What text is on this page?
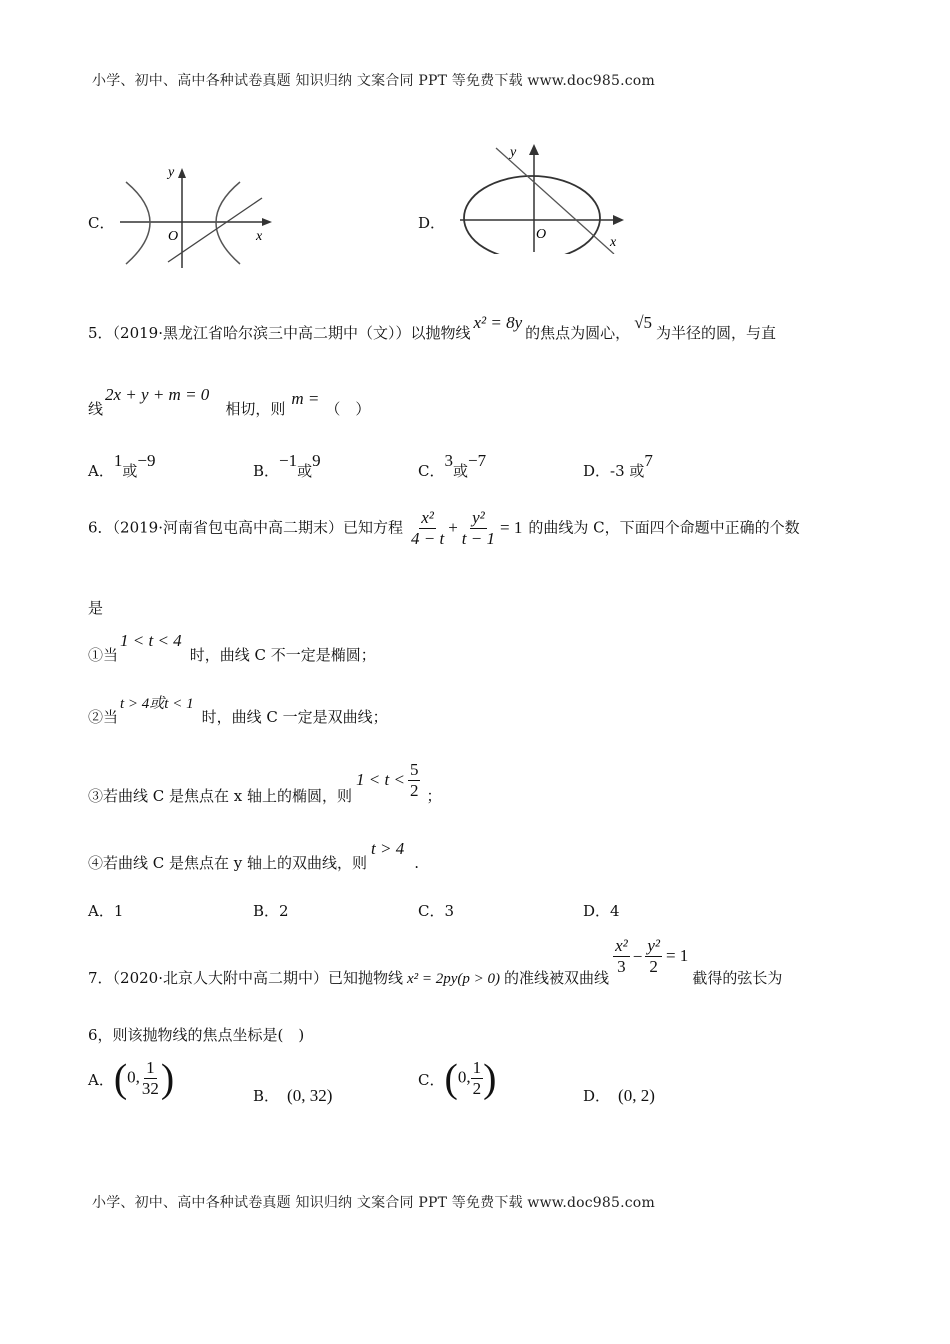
小学、初中、高中各种试卷真题 知识归纳 文案合同 PPT 等免费下载 www.doc985.com
C．
y
O	x
D．
y
O
x
5．（2019·黑龙江省哈尔滨三中高二期中（文））以抛物线x² = 8y的焦点为圆心，√5为半径的圆，与直
线2x + y + m = 0相切，则m =（　）
A．1或−9
B．−1或9
C．3或−7
D．-3 或7
6．（2019·河南省包屯高中高二期末）已知方程 $\frac{\text{x²}}{4 - t} + \frac{\text{y²}}{t - 1} = 1$ 的曲线为 C，下面四个命题中正确的个数
是
①当1 < t < 4时，曲线 C 不一定是椭圆；
②当t > 4或t < 1时，曲线 C 一定是双曲线；
③若曲线 C 是焦点在 x 轴上的椭圆，则$1 < t < \frac{5}{2}$ ；
④若曲线 C 是焦点在 y 轴上的双曲线，则t > 4.
A．1	B．2	C．3	D．4
7．（2020·北京人大附中高二期中）已知抛物线 x² = 2py(p > 0) 的准线被双曲线
$\frac{\text{x²}}{3} - \frac{\text{y²}}{2} = 1$截得的弦长为
6，则该抛物线的焦点坐标是(　)
A．(0, $\frac{1}{32}$ )	B． (0, 32)
C．(0, $\frac{1}{2}$ )	D． (0, 2)
小学、初中、高中各种试卷真题 知识归纳 文案合同 PPT 等免费下载 www.doc985.com
